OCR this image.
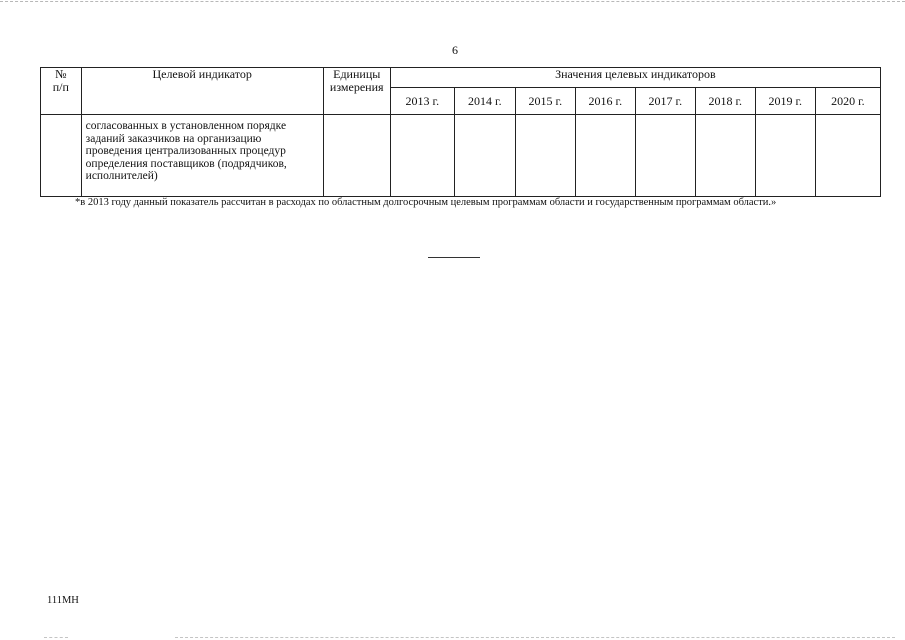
6
№ п/п	Целевой индикатор	Единицы измерения	Значения целевых индикаторов							
			2013 г.	2014 г.	2015 г.	2016 г.	2017 г.	2018 г.	2019 г.	2020 г.
	согласованных в установленном порядке заданий заказчиков на организацию проведения централизованных процедур определения поставщиков (подрядчиков, исполнителей)									
*в 2013 году данный показатель рассчитан в расходах по областным долгосрочным целевым программам области и государственным программам области.»
111МН
